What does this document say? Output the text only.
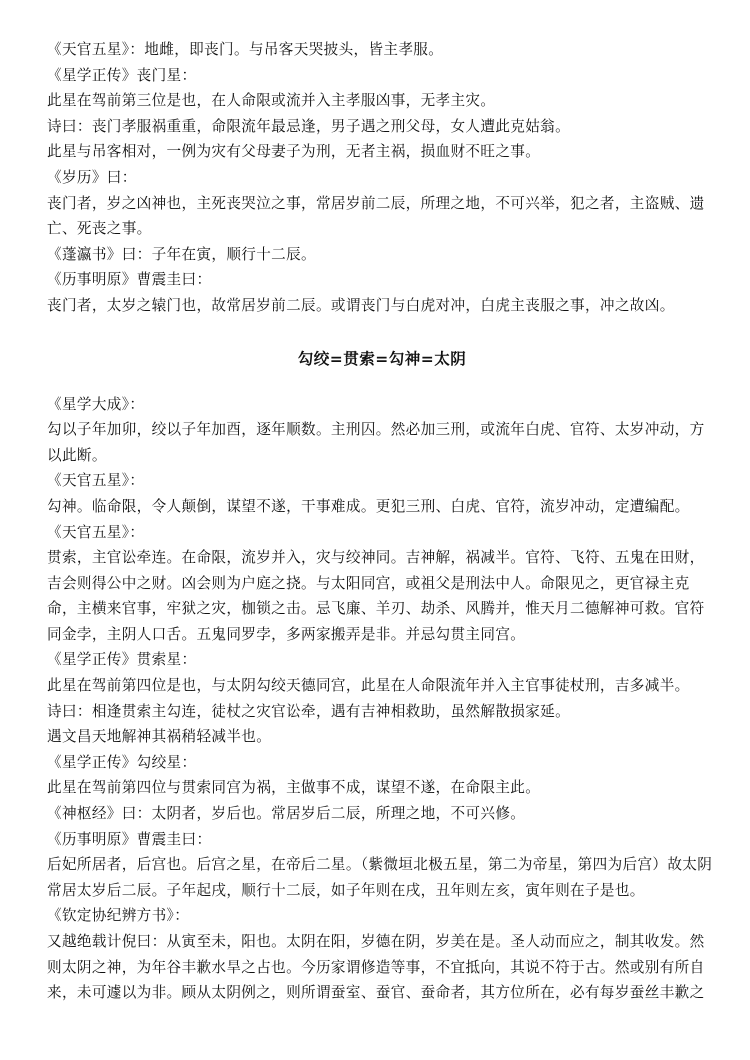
《天官五星》：地雌，即丧门。与吊客天哭披头，皆主孝服。

《星学正传》丧门星：

此星在驾前第三位是也，在人命限或流并入主孝服凶事，无孝主灾。

诗曰：丧门孝服祸重重，命限流年最忌逢，男子遇之刑父母，女人遭此克姑翁。

此星与吊客相对，一例为灾有父母妻子为刑，无者主祸，损血财不旺之事。

《岁历》曰：

丧门者，岁之凶神也，主死丧哭泣之事，常居岁前二辰，所理之地，不可兴举，犯之者，主盗贼、遗亡、死丧之事。

《蓬瀛书》曰：子年在寅，顺行十二辰。

《历事明原》曹震圭曰：

丧门者，太岁之辕门也，故常居岁前二辰。或谓丧门与白虎对冲，白虎主丧服之事，冲之故凶。

勾绞=贯索=勾神=太阴

《星学大成》：

勾以子年加卯，绞以子年加酉，逐年顺数。主刑囚。然必加三刑，或流年白虎、官符、太岁冲动，方以此断。

《天官五星》：

勾神。临命限，令人颠倒，谋望不遂，干事难成。更犯三刑、白虎、官符，流岁冲动，定遭编配。

《天官五星》：

贯索，主官讼牵连。在命限，流岁并入，灾与绞神同。吉神解，祸减半。官符、飞符、五鬼在田财，吉会则得公中之财。凶会则为户庭之挠。与太阳同宫，或祖父是刑法中人。命限见之，更官禄主克命，主横来官事，牢狱之灾，枷锁之击。忌飞廉、羊刃、劫杀、风腾并，惟天月二德解神可救。官符同金孛，主阴人口舌。五鬼同罗孛，多两家搬弄是非。并忌勾贯主同宫。

《星学正传》贯索星：

此星在驾前第四位是也，与太阴勾绞天德同宫，此星在人命限流年并入主官事徒杖刑，吉多减半。

诗曰：相逢贯索主勾连，徒杖之灾官讼牵，遇有吉神相救助，虽然解散损家延。

遇文昌天地解神其祸稍轻减半也。

《星学正传》勾绞星：

此星在驾前第四位与贯索同宫为祸，主做事不成，谋望不遂，在命限主此。

《神枢经》曰：太阴者，岁后也。常居岁后二辰，所理之地，不可兴修。

《历事明原》曹震圭曰：

后妃所居者，后宫也。后宫之星，在帝后二星。（紫微垣北极五星，第二为帝星，第四为后宫）故太阴常居太岁后二辰。子年起戌，顺行十二辰，如子年则在戌，丑年则左亥，寅年则在子是也。

《钦定协纪辨方书》：

又越绝载计倪曰：从寅至未，阳也。太阴在阳，岁德在阴，岁美在是。圣人动而应之，制其收发。然则太阴之神，为年谷丰歉水旱之占也。今历家谓修造等事，不宜抵向，其说不符于古。然或别有所自来，未可遽以为非。顾从太阴例之，则所谓蚕室、蚕官、蚕命者，其方位所在，必有每岁蚕丝丰歉之
